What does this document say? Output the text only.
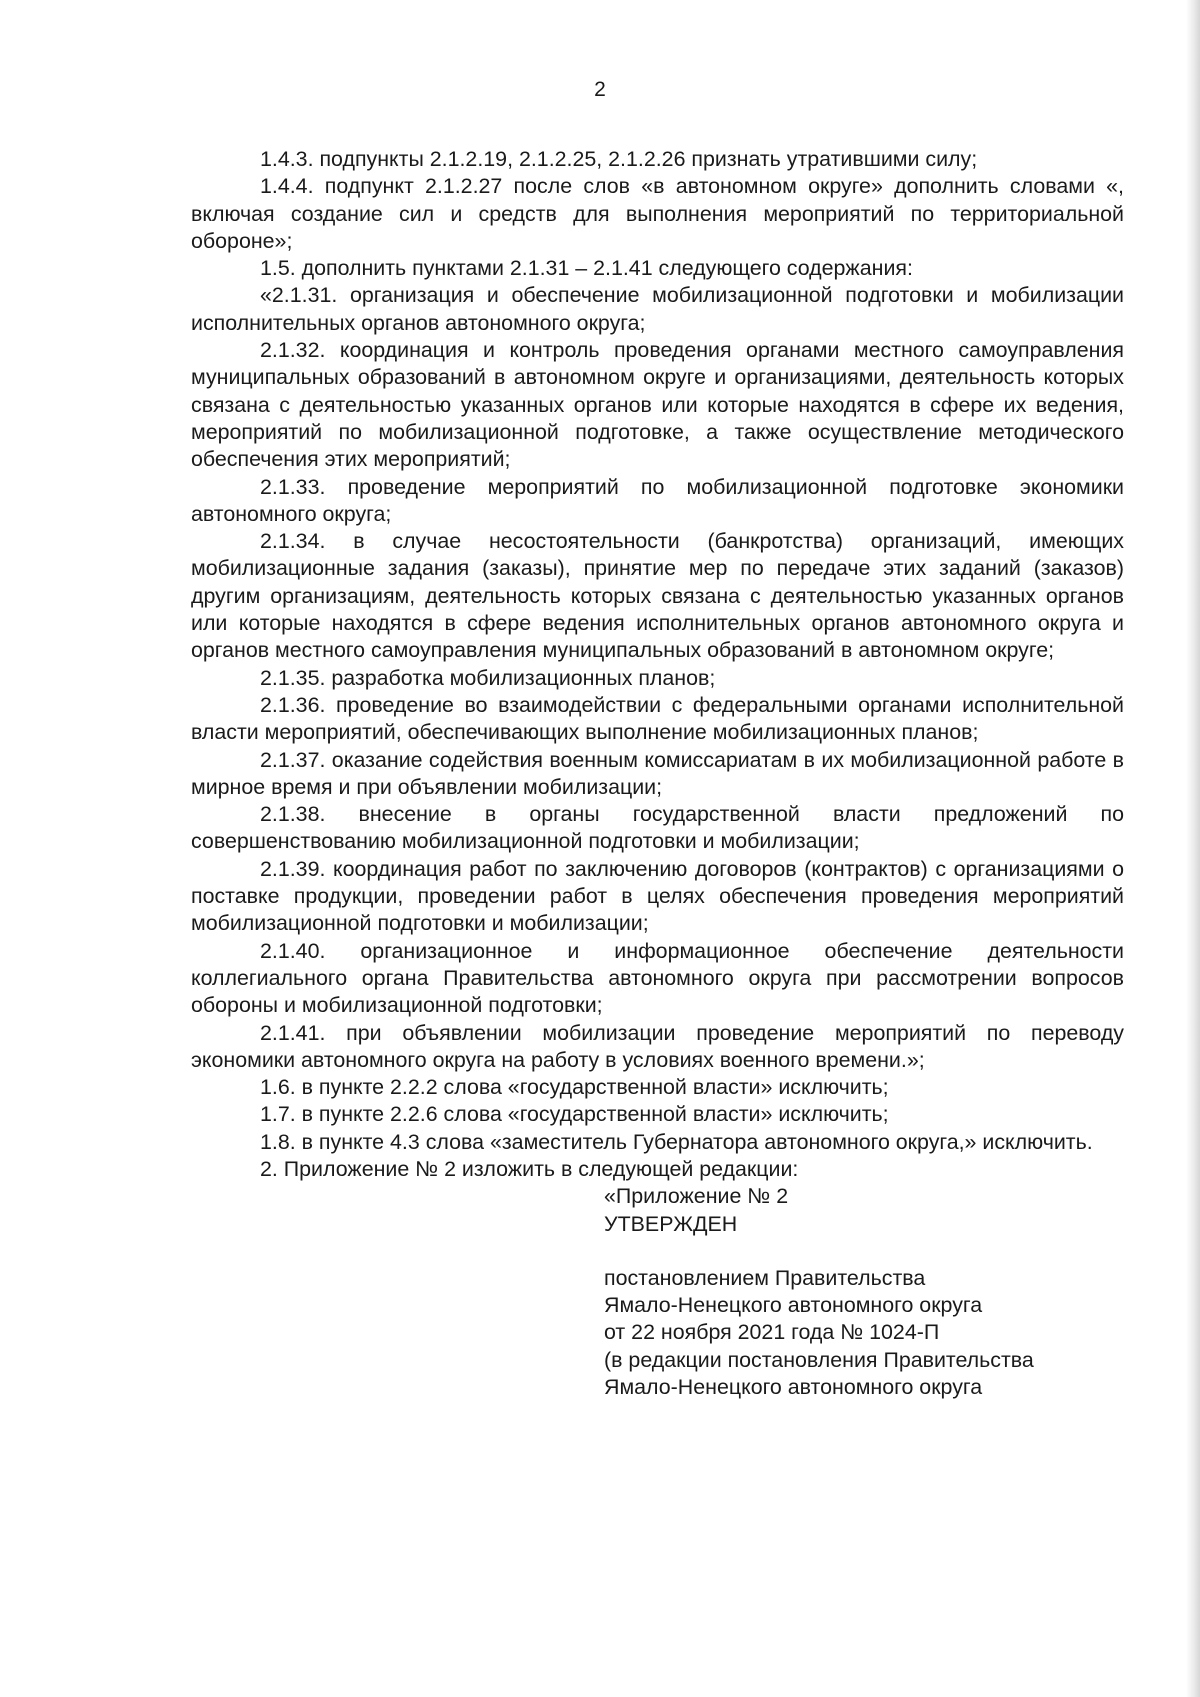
2

1.4.3. подпункты 2.1.2.19, 2.1.2.25, 2.1.2.26 признать утратившими силу;

1.4.4. подпункт 2.1.2.27 после слов «в автономном округе» дополнить словами «, включая создание сил и средств для выполнения мероприятий по территориальной обороне»;

1.5. дополнить пунктами 2.1.31 – 2.1.41 следующего содержания:

«2.1.31. организация и обеспечение мобилизационной подготовки и мобилизации исполнительных органов автономного округа;

2.1.32. координация и контроль проведения органами местного самоуправления муниципальных образований в автономном округе и организациями, деятельность которых связана с деятельностью указанных органов или которые находятся в сфере их ведения, мероприятий по мобилизационной подготовке, а также осуществление методического обеспечения этих мероприятий;

2.1.33. проведение мероприятий по мобилизационной подготовке экономики автономного округа;

2.1.34. в случае несостоятельности (банкротства) организаций, имеющих мобилизационные задания (заказы), принятие мер по передаче этих заданий (заказов) другим организациям, деятельность которых связана с деятельностью указанных органов или которые находятся в сфере ведения исполнительных органов автономного округа и органов местного самоуправления муниципальных образований в автономном округе;

2.1.35. разработка мобилизационных планов;

2.1.36. проведение во взаимодействии с федеральными органами исполнительной власти мероприятий, обеспечивающих выполнение мобилизационных планов;

2.1.37. оказание содействия военным комиссариатам в их мобилизационной работе в мирное время и при объявлении мобилизации;

2.1.38. внесение в органы государственной власти предложений по совершенствованию мобилизационной подготовки и мобилизации;

2.1.39. координация работ по заключению договоров (контрактов) с организациями о поставке продукции, проведении работ в целях обеспечения проведения мероприятий мобилизационной подготовки и мобилизации;

2.1.40. организационное и информационное обеспечение деятельности коллегиального органа Правительства автономного округа при рассмотрении вопросов обороны и мобилизационной подготовки;

2.1.41. при объявлении мобилизации проведение мероприятий по переводу экономики автономного округа на работу в условиях военного времени.»;

1.6. в пункте 2.2.2 слова «государственной власти» исключить;

1.7. в пункте 2.2.6 слова «государственной власти» исключить;

1.8. в пункте 4.3 слова «заместитель Губернатора автономного округа,» исключить.

2. Приложение № 2 изложить в следующей редакции:

«Приложение № 2
УТВЕРЖДЕН
постановлением Правительства
Ямало-Ненецкого автономного округа
от 22 ноября 2021 года № 1024-П
(в редакции постановления Правительства
Ямало-Ненецкого автономного округа
